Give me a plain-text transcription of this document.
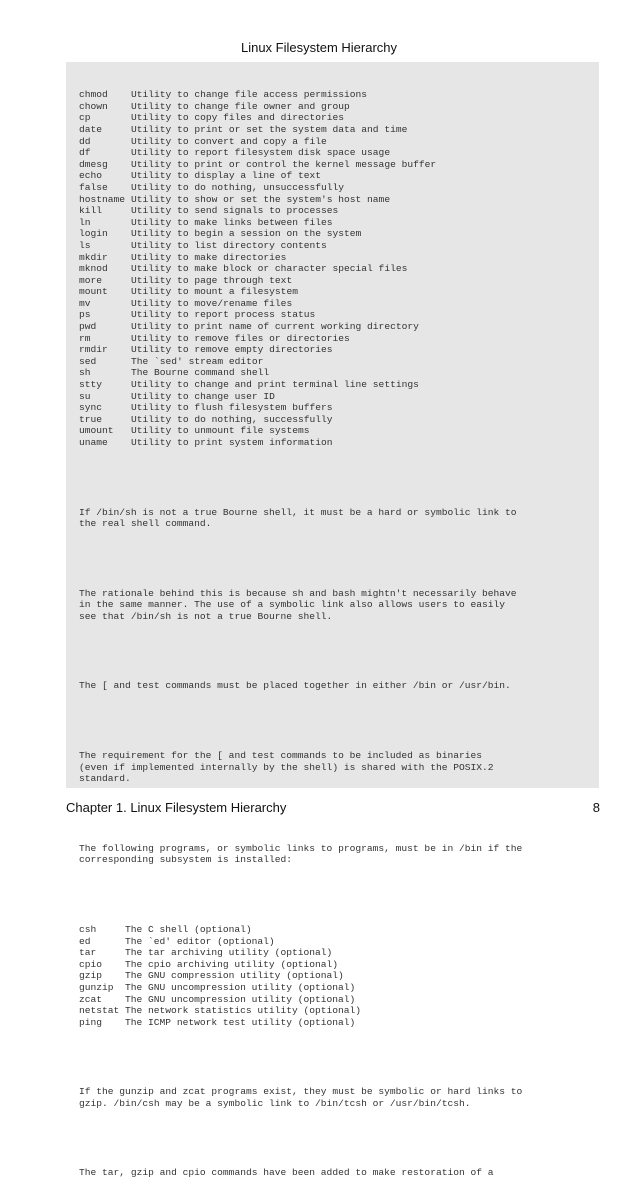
Linux Filesystem Hierarchy

chmod	Utility to change file access permissions
chown	Utility to change file owner and group
cp	Utility to copy files and directories
date	Utility to print or set the system data and time
dd	Utility to convert and copy a file
df	Utility to report filesystem disk space usage
dmesg	Utility to print or control the kernel message buffer
echo	Utility to display a line of text
false	Utility to do nothing, unsuccessfully
hostname Utility to show or set the system's host name
kill	Utility to send signals to processes
ln	Utility to make links between files
login	Utility to begin a session on the system
ls	Utility to list directory contents
mkdir	Utility to make directories
mknod	Utility to make block or character special files
more	Utility to page through text
mount	Utility to mount a filesystem
mv	Utility to move/rename files
ps	Utility to report process status
pwd	Utility to print name of current working directory
rm	Utility to remove files or directories
rmdir	Utility to remove empty directories
sed	The `sed' stream editor
sh	The Bourne command shell
stty	Utility to change and print terminal line settings
su	Utility to change user ID
sync	Utility to flush filesystem buffers
true	Utility to do nothing, successfully
umount	Utility to unmount file systems
uname	Utility to print system information

If /bin/sh is not a true Bourne shell, it must be a hard or symbolic link to
the real shell command.

The rationale behind this is because sh and bash mightn't necessarily behave
in the same manner. The use of a symbolic link also allows users to easily
see that /bin/sh is not a true Bourne shell.

The [ and test commands must be placed together in either /bin or /usr/bin.

The requirement for the [ and test commands to be included as binaries
(even if implemented internally by the shell) is shared with the POSIX.2
standard.

The following programs, or symbolic links to programs, must be in /bin if the
corresponding subsystem is installed:

csh	The C shell (optional)
ed	The `ed' editor (optional)
tar	The tar archiving utility (optional)
cpio	The cpio archiving utility (optional)
gzip	The GNU compression utility (optional)
gunzip	The GNU uncompression utility (optional)
zcat	The GNU uncompression utility (optional)
netstat The network statistics utility (optional)
ping	The ICMP network test utility (optional)

If the gunzip and zcat programs exist, they must be symbolic or hard links to
gzip. /bin/csh may be a symbolic link to /bin/tcsh or /usr/bin/tcsh.

The tar, gzip and cpio commands have been added to make restoration of a

Chapter 1. Linux Filesystem Hierarchy	8
